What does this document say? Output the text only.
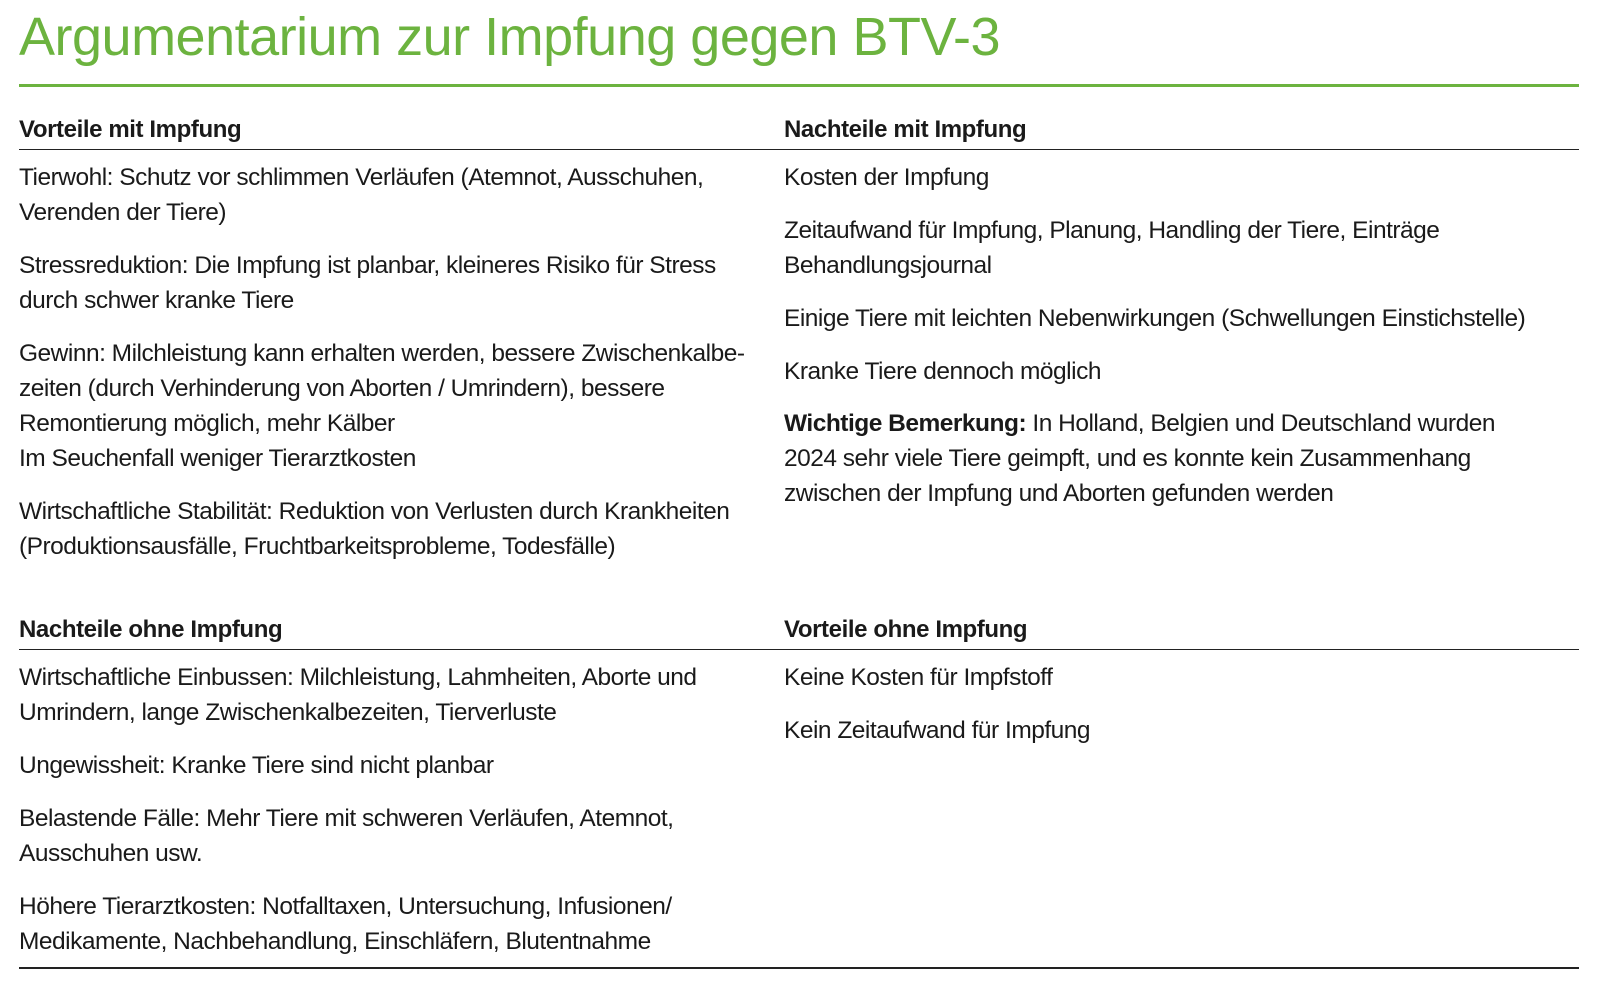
Argumentarium zur Impfung gegen BTV-3
Vorteile mit Impfung
Tierwohl: Schutz vor schlimmen Verläufen (Atemnot, Ausschuhen,
Verenden der Tiere)
Stressreduktion: Die Impfung ist planbar, kleineres Risiko für Stress
durch schwer kranke Tiere
Gewinn: Milchleistung kann erhalten werden, bessere Zwischenkalbe-
zeiten (durch Verhinderung von Aborten / Umrindern), bessere
Remontierung möglich, mehr Kälber
Im Seuchenfall weniger Tierarztkosten
Wirtschaftliche Stabilität: Reduktion von Verlusten durch Krankheiten
(Produktionsausfälle, Fruchtbarkeitsprobleme, Todesfälle)
Nachteile mit Impfung
Kosten der Impfung
Zeitaufwand für Impfung, Planung, Handling der Tiere, Einträge
Behandlungsjournal
Einige Tiere mit leichten Nebenwirkungen (Schwellungen Einstichstelle)
Kranke Tiere dennoch möglich
Wichtige Bemerkung: In Holland, Belgien und Deutschland wurden
2024 sehr viele Tiere geimpft, und es konnte kein Zusammenhang
zwischen der Impfung und Aborten gefunden werden
Nachteile ohne Impfung
Wirtschaftliche Einbussen: Milchleistung, Lahmheiten, Aborte und
Umrindern, lange Zwischenkalbezeiten, Tierverluste
Ungewissheit: Kranke Tiere sind nicht planbar
Belastende Fälle: Mehr Tiere mit schweren Verläufen, Atemnot,
Ausschuhen usw.
Höhere Tierarztkosten: Notfalltaxen, Untersuchung, Infusionen/
Medikamente, Nachbehandlung, Einschläfern, Blutentnahme
Vorteile ohne Impfung
Keine Kosten für Impfstoff
Kein Zeitaufwand für Impfung
